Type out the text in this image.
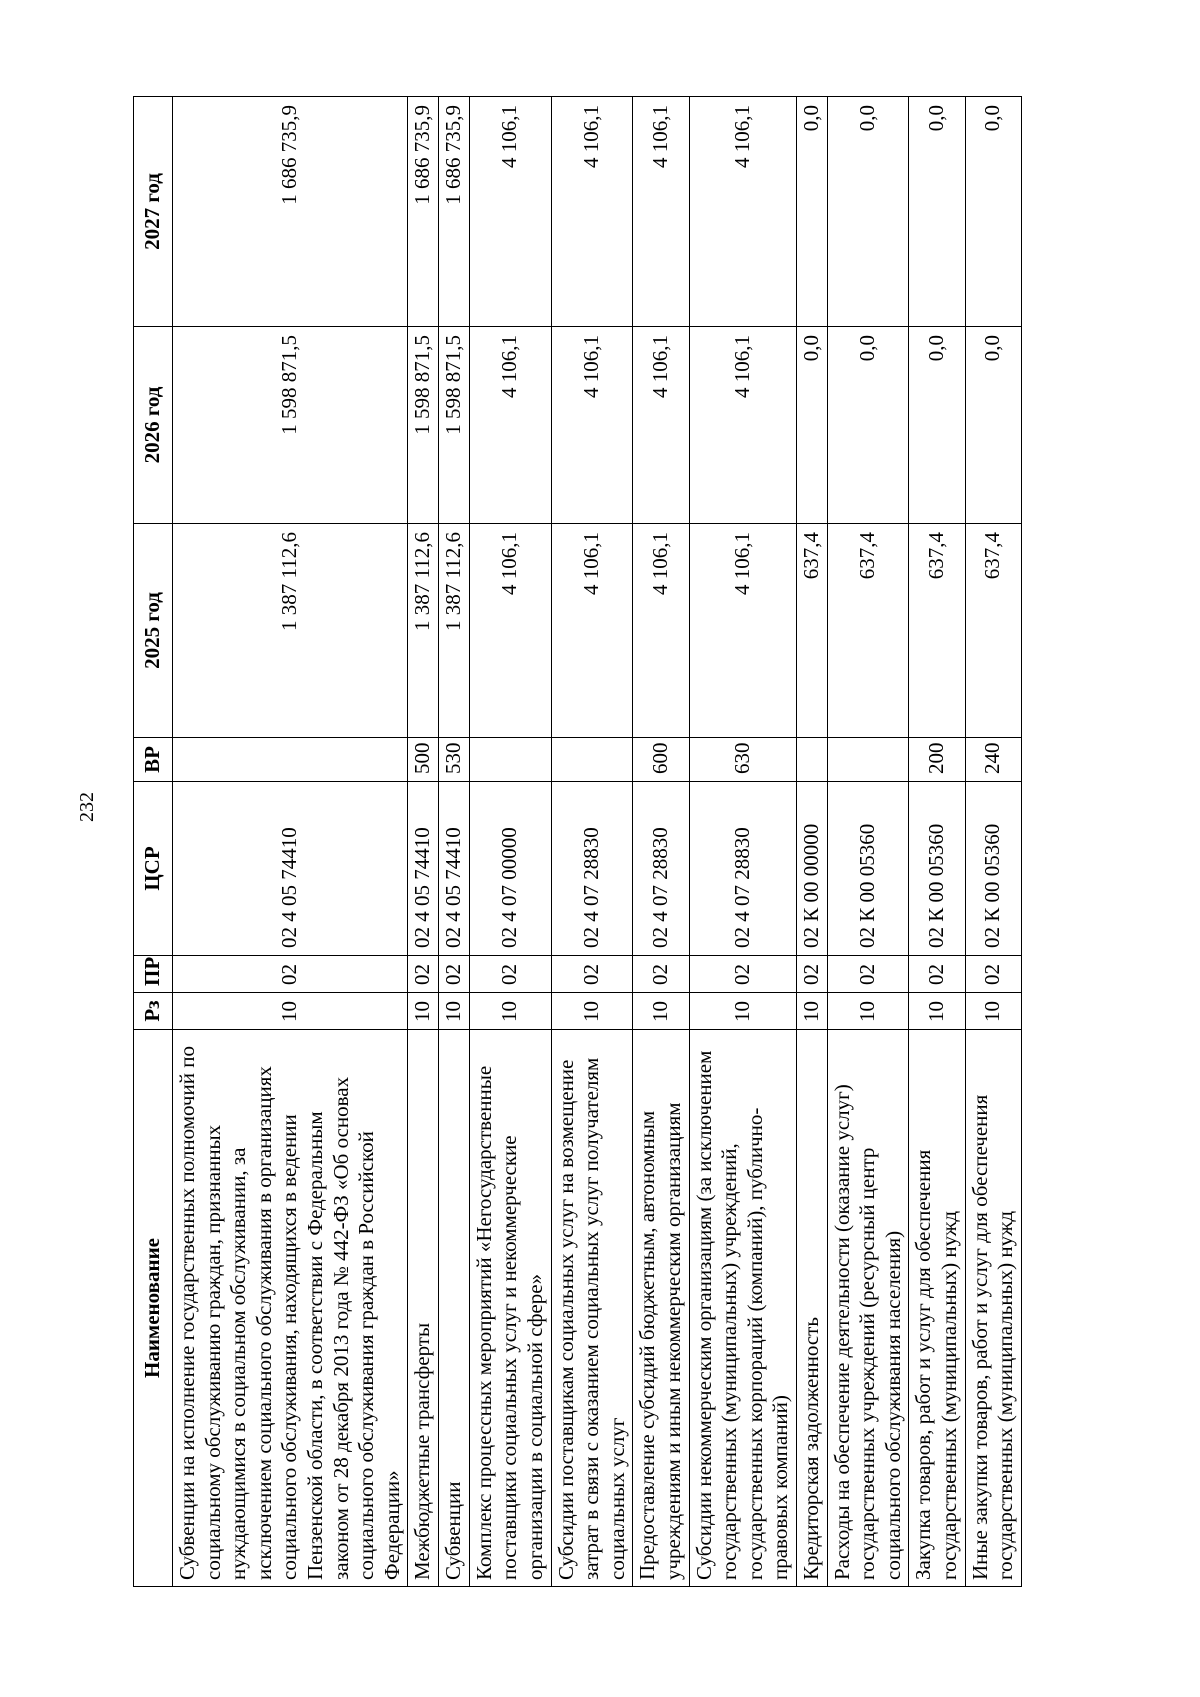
232
Наименование	Рз	ПР	ЦСР	ВР	2025 год	2026 год	2027 год
Субвенции на исполнение государственных полномочий по социальному обслуживанию граждан, признанных нуждающимися в социальном обслуживании, за исключением социального обслуживания в организациях социального обслуживания, находящихся в ведении Пензенской области, в соответствии с Федеральным законом от 28 декабря 2013 года № 442-ФЗ «Об основах социального обслуживания граждан в Российской Федерации»	10	02	02 4 05 74410		1 387 112,6	1 598 871,5	1 686 735,9
Межбюджетные трансферты	10	02	02 4 05 74410	500	1 387 112,6	1 598 871,5	1 686 735,9
Субвенции	10	02	02 4 05 74410	530	1 387 112,6	1 598 871,5	1 686 735,9
Комплекс процессных мероприятий «Негосударственные поставщики социальных услуг и некоммерческие организации в социальной сфере»	10	02	02 4 07 00000		4 106,1	4 106,1	4 106,1
Субсидии поставщикам социальных услуг на возмещение затрат в связи с оказанием социальных услуг получателям социальных услуг	10	02	02 4 07 28830		4 106,1	4 106,1	4 106,1
Предоставление субсидий бюджетным, автономным учреждениям и иным некоммерческим организациям	10	02	02 4 07 28830	600	4 106,1	4 106,1	4 106,1
Субсидии некоммерческим организациям (за исключением государственных (муниципальных) учреждений, государственных корпораций (компаний), публично-правовых компаний)	10	02	02 4 07 28830	630	4 106,1	4 106,1	4 106,1
Кредиторская задолженность	10	02	02 К 00 00000		637,4	0,0	0,0
Расходы на обеспечение деятельности (оказание услуг) государственных учреждений (ресурсный центр социального обслуживания населения)	10	02	02 К 00 05360		637,4	0,0	0,0
Закупка товаров, работ и услуг для обеспечения государственных (муниципальных) нужд	10	02	02 К 00 05360	200	637,4	0,0	0,0
Иные закупки товаров, работ и услуг для обеспечения государственных (муниципальных) нужд	10	02	02 К 00 05360	240	637,4	0,0	0,0
